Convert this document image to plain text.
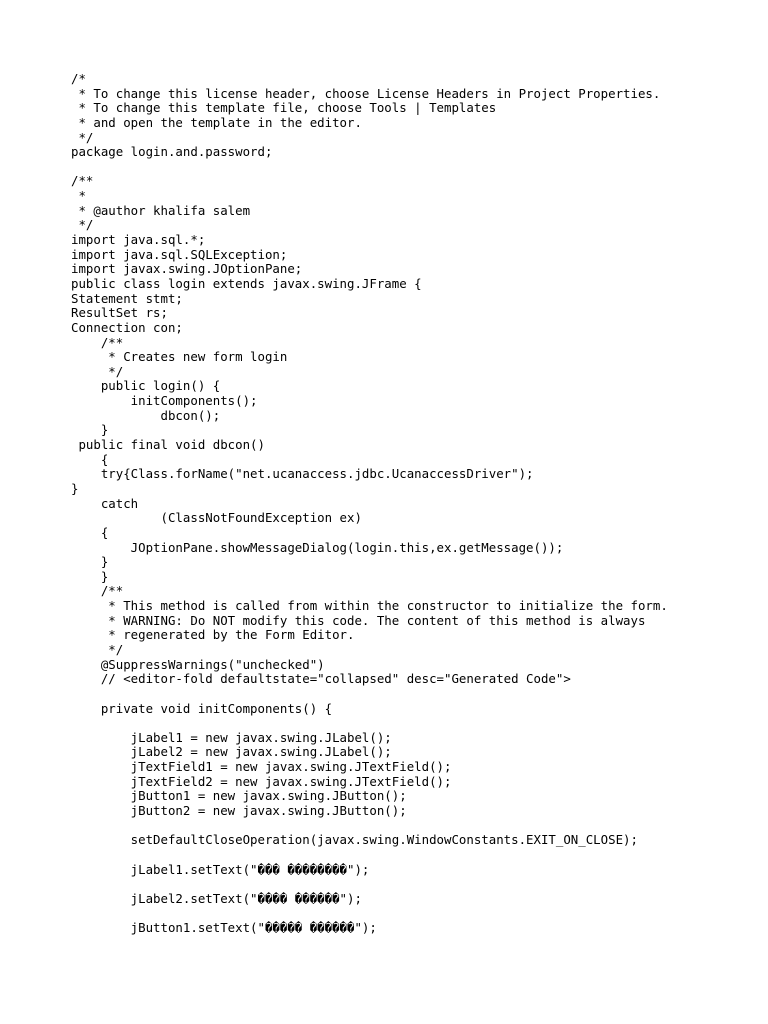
/*
* To change this license header, choose License Headers in Project Properties.
* To change this template file, choose Tools | Templates
* and open the template in the editor.
*/
package login.and.password;
/**
*
* @author khalifa salem
*/
import java.sql.*;
import java.sql.SQLException;
import javax.swing.JOptionPane;
public class login extends javax.swing.JFrame {
Statement stmt;
ResultSet rs;
Connection con;
/**
* Creates new form login
*/
public login() {
initComponents();
dbcon();
}
public final void dbcon()
{
try{Class.forName("net.ucanaccess.jdbc.UcanaccessDriver");
}
catch
(ClassNotFoundException ex)
{
JOptionPane.showMessageDialog(login.this,ex.getMessage());
}
}
/**
* This method is called from within the constructor to initialize the form.
* WARNING: Do NOT modify this code. The content of this method is always
* regenerated by the Form Editor.
*/
@SuppressWarnings("unchecked")
// <editor-fold defaultstate="collapsed" desc="Generated Code">
private void initComponents() {
jLabel1 = new javax.swing.JLabel();
jLabel2 = new javax.swing.JLabel();
jTextField1 = new javax.swing.JTextField();
jTextField2 = new javax.swing.JTextField();
jButton1 = new javax.swing.JButton();
jButton2 = new javax.swing.JButton();
setDefaultCloseOperation(javax.swing.WindowConstants.EXIT_ON_CLOSE);
jLabel1.setText("��� ��������");
jLabel2.setText("���� ������");
jButton1.setText("����� ������");
